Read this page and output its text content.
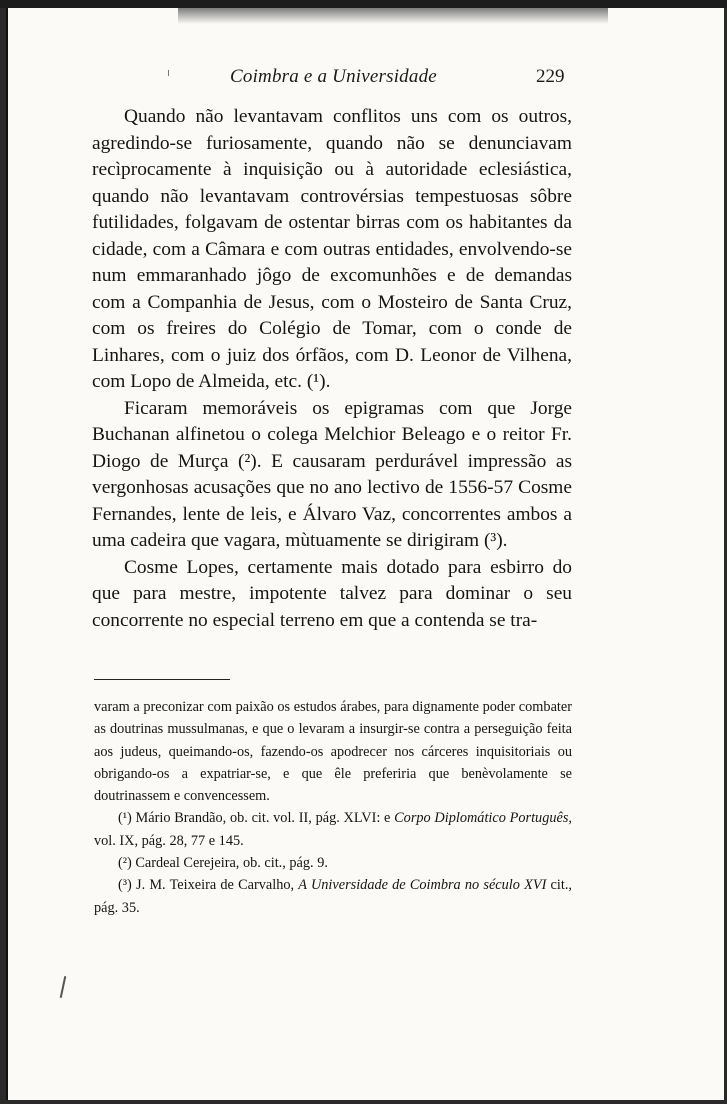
Coimbra e a Universidade	229

Quando não levantavam conflitos uns com os outros, agredindo-se furiosamente, quando não se denunciavam recìprocamente à inquisição ou à autoridade eclesiástica, quando não levantavam controvérsias tempestuosas sôbre futilidades, folgavam de ostentar birras com os habitantes da cidade, com a Câmara e com outras entidades, envolvendo-se num emmaranhado jôgo de excomunhões e de demandas com a Companhia de Jesus, com o Mosteiro de Santa Cruz, com os freires do Colégio de Tomar, com o conde de Linhares, com o juiz dos órfãos, com D. Leonor de Vilhena, com Lopo de Almeida, etc. (¹).

Ficaram memoráveis os epigramas com que Jorge Buchanan alfinetou o colega Melchior Beleago e o reitor Fr. Diogo de Murça (²). E causaram perdurável impressão as vergonhosas acusações que no ano lectivo de 1556-57 Cosme Fernandes, lente de leis, e Álvaro Vaz, concorrentes ambos a uma cadeira que vagara, mùtuamente se dirigiram (³).

Cosme Lopes, certamente mais dotado para esbirro do que para mestre, impotente talvez para dominar o seu concorrente no especial terreno em que a contenda se tra-

varam a preconizar com paixão os estudos árabes, para dignamente poder combater as doutrinas mussulmanas, e que o levaram a insurgir-se contra a perseguição feita aos judeus, queimando-os, fazendo-os apodrecer nos cárceres inquisitoriais ou obrigando-os a expatriar-se, e que êle preferiria que benèvolamente se doutrinassem e convencessem.

(¹) Mário Brandão, ob. cit. vol. II, pág. XLVI: e Corpo Diplomático Português, vol. IX, pág. 28, 77 e 145.

(²) Cardeal Cerejeira, ob. cit., pág. 9.

(³) J. M. Teixeira de Carvalho, A Universidade de Coimbra no século XVI cit., pág. 35.
